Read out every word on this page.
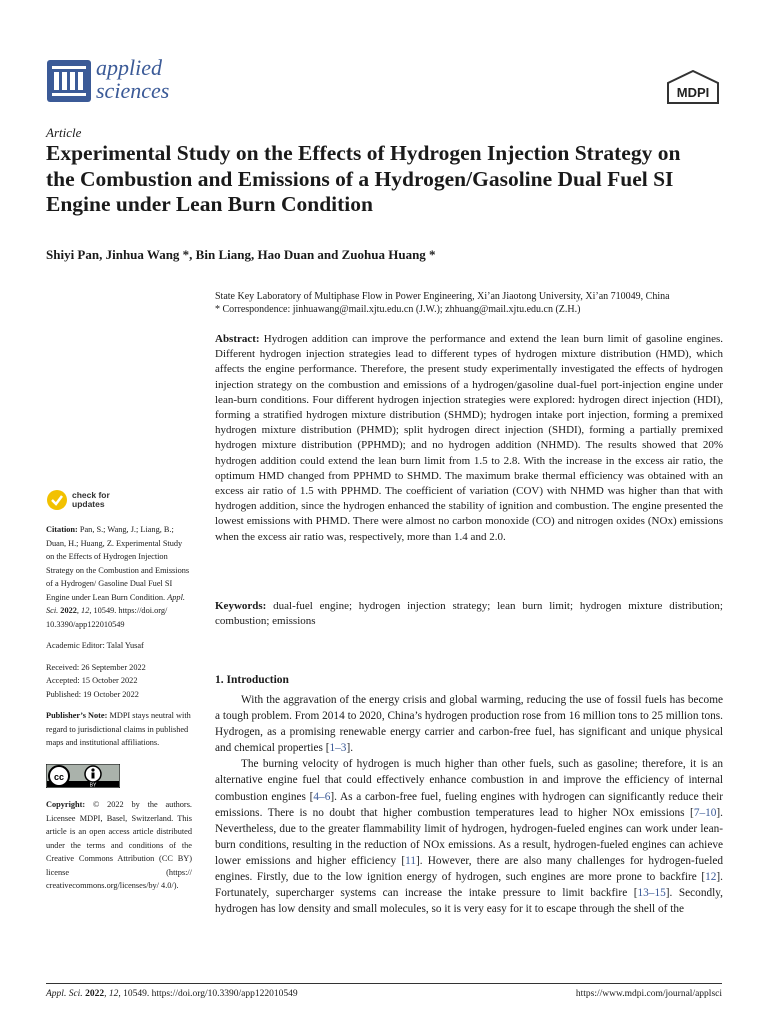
applied
sciences	MDPI
Article
Experimental Study on the Effects of Hydrogen Injection Strategy on the Combustion and Emissions of a Hydrogen/Gasoline Dual Fuel SI Engine under Lean Burn Condition
Shiyi Pan, Jinhua Wang *, Bin Liang, Hao Duan and Zuohua Huang *
State Key Laboratory of Multiphase Flow in Power Engineering, Xi’an Jiaotong University, Xi’an 710049, China
* Correspondence: jinhuawang@mail.xjtu.edu.cn (J.W.); zhhuang@mail.xjtu.edu.cn (Z.H.)
Abstract: Hydrogen addition can improve the performance and extend the lean burn limit of gasoline engines. Different hydrogen injection strategies lead to different types of hydrogen mixture distribution (HMD), which affects the engine performance. Therefore, the present study experimentally investigated the effects of hydrogen injection strategy on the combustion and emissions of a hydrogen/gasoline dual-fuel port-injection engine under lean-burn conditions. Four different hydrogen injection strategies were explored: hydrogen direct injection (HDI), forming a stratified hydrogen mixture distribution (SHMD); hydrogen intake port injection, forming a premixed hydrogen mixture distribution (PHMD); split hydrogen direct injection (SHDI), forming a partially premixed hydrogen mixture distribution (PPHMD); and no hydrogen addition (NHMD). The results showed that 20% hydrogen addition could extend the lean burn limit from 1.5 to 2.8. With the increase in the excess air ratio, the optimum HMD changed from PPHMD to SHMD. The maximum brake thermal efficiency was obtained with an excess air ratio of 1.5 with PPHMD. The coefficient of variation (COV) with NHMD was higher than that with hydrogen addition, since the hydrogen enhanced the stability of ignition and combustion. The engine presented the lowest emissions with PHMD. There were almost no carbon monoxide (CO) and nitrogen oxides (NOx) emissions when the excess air ratio was, respectively, more than 1.4 and 2.0.
Keywords: dual-fuel engine; hydrogen injection strategy; lean burn limit; hydrogen mixture distribution; combustion; emissions
1. Introduction

With the aggravation of the energy crisis and global warming, reducing the use of fossil fuels has become a tough problem. From 2014 to 2020, China’s hydrogen production rose from 16 million tons to 25 million tons. Hydrogen, as a promising renewable energy carrier and carbon-free fuel, has significant and unique physical and chemical properties [1–3].

The burning velocity of hydrogen is much higher than other fuels, such as gasoline; therefore, it is an alternative engine fuel that could effectively enhance combustion in and improve the efficiency of internal combustion engines [4–6]. As a carbon-free fuel, fueling engines with hydrogen can significantly reduce their emissions. There is no doubt that higher combustion temperatures lead to higher NOx emissions [7–10]. Nevertheless, due to the greater flammability limit of hydrogen, hydrogen-fueled engines can work under lean-burn conditions, resulting in the reduction of NOx emissions. As a result, hydrogen-fueled engines can achieve lower emissions and higher efficiency [11]. However, there are also many challenges for hydrogen-fueled engines. Firstly, due to the low ignition energy of hydrogen, such engines are more prone to backfire [12]. Fortunately, supercharger systems can increase the intake pressure to limit backfire [13–15]. Secondly, hydrogen has low density and small molecules, so it is very easy for it to escape through the shell of the

check for
updates

Citation: Pan, S.; Wang, J.; Liang, B.; Duan, H.; Huang, Z. Experimental Study on the Effects of Hydrogen Injection Strategy on the Combustion and Emissions of a Hydrogen/ Gasoline Dual Fuel SI Engine under Lean Burn Condition. Appl. Sci. 2022, 12, 10549. https://doi.org/ 10.3390/app122010549

Academic Editor: Talal Yusaf

Received: 26 September 2022
Accepted: 15 October 2022

Published: 19 October 2022

Publisher’s Note: MDPI stays neutral with regard to jurisdictional claims in published maps and institutional affiliations.

cc
BY

Copyright: © 2022 by the authors. Licensee MDPI, Basel, Switzerland. This article is an open access article distributed under the terms and conditions of the Creative Commons Attribution (CC BY) license (https:// creativecommons.org/licenses/by/ 4.0/).

Appl. Sci. 2022, 12, 10549. https://doi.org/10.3390/app122010549	https://www.mdpi.com/journal/applsci
